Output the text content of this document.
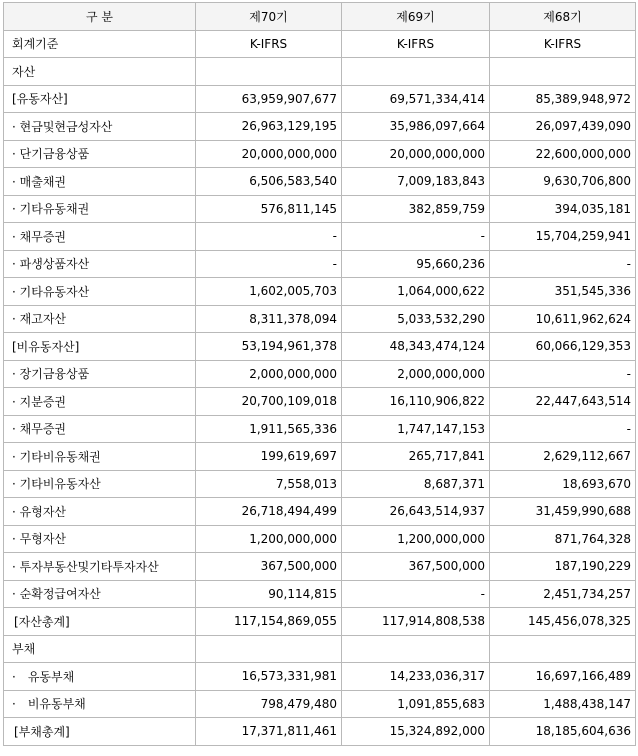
구 분	제70기	제69기	제68기
회계기준	K-IFRS	K-IFRS	K-IFRS
자산			
[유동자산]	63,959,907,677	69,571,334,414	85,389,948,972
· 현금및현금성자산	26,963,129,195	35,986,097,664	26,097,439,090
· 단기금융상품	20,000,000,000	20,000,000,000	22,600,000,000
· 매출채권	6,506,583,540	7,009,183,843	9,630,706,800
· 기타유동채권	576,811,145	382,859,759	394,035,181
· 채무증권	-	-	15,704,259,941
· 파생상품자산	-	95,660,236	-
· 기타유동자산	1,602,005,703	1,064,000,622	351,545,336
· 재고자산	8,311,378,094	5,033,532,290	10,611,962,624
[비유동자산]	53,194,961,378	48,343,474,124	60,066,129,353
· 장기금융상품	2,000,000,000	2,000,000,000	-
· 지분증권	20,700,109,018	16,110,906,822	22,447,643,514
· 채무증권	1,911,565,336	1,747,147,153	-
· 기타비유동채권	199,619,697	265,717,841	2,629,112,667
· 기타비유동자산	7,558,013	8,687,371	18,693,670
· 유형자산	26,718,494,499	26,643,514,937	31,459,990,688
· 무형자산	1,200,000,000	1,200,000,000	871,764,328
· 투자부동산및기타투자자산	367,500,000	367,500,000	187,190,229
· 순확정급여자산	90,114,815	-	2,451,734,257
[자산총계]	117,154,869,055	117,914,808,538	145,456,078,325
부채			
·　유동부채	16,573,331,981	14,233,036,317	16,697,166,489
·　비유동부채	798,479,480	1,091,855,683	1,488,438,147
[부채총계]	17,371,811,461	15,324,892,000	18,185,604,636
